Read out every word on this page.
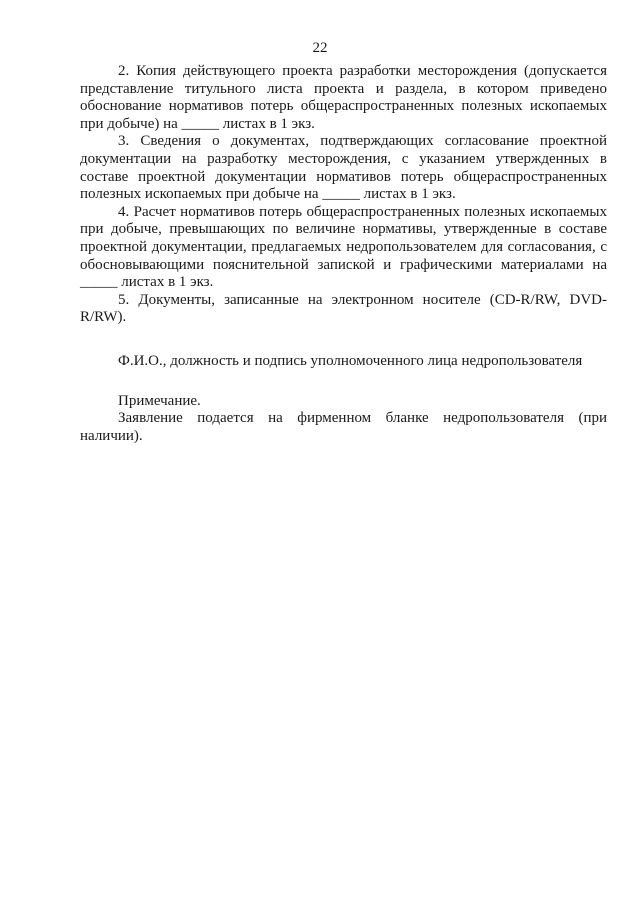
22

2. Копия действующего проекта разработки месторождения (допускается представление титульного листа проекта и раздела, в котором приведено обоснование нормативов потерь общераспространенных полезных ископаемых при добыче) на _____ листах в 1 экз.

3. Сведения о документах, подтверждающих согласование проектной документации на разработку месторождения, с указанием утвержденных в составе проектной документации нормативов потерь общераспространенных полезных ископаемых при добыче на _____ листах в 1 экз.

4. Расчет нормативов потерь общераспространенных полезных ископаемых при добыче, превышающих по величине нормативы, утвержденные в составе проектной документации, предлагаемых недропользователем для согласования, с обосновывающими пояснительной запиской и графическими материалами на _____ листах в 1 экз.

5. Документы, записанные на электронном носителе (CD-R/RW, DVD-R/RW).

Ф.И.О., должность и подпись уполномоченного лица недропользователя

Примечание.

Заявление подается на фирменном бланке недропользователя (при наличии).
